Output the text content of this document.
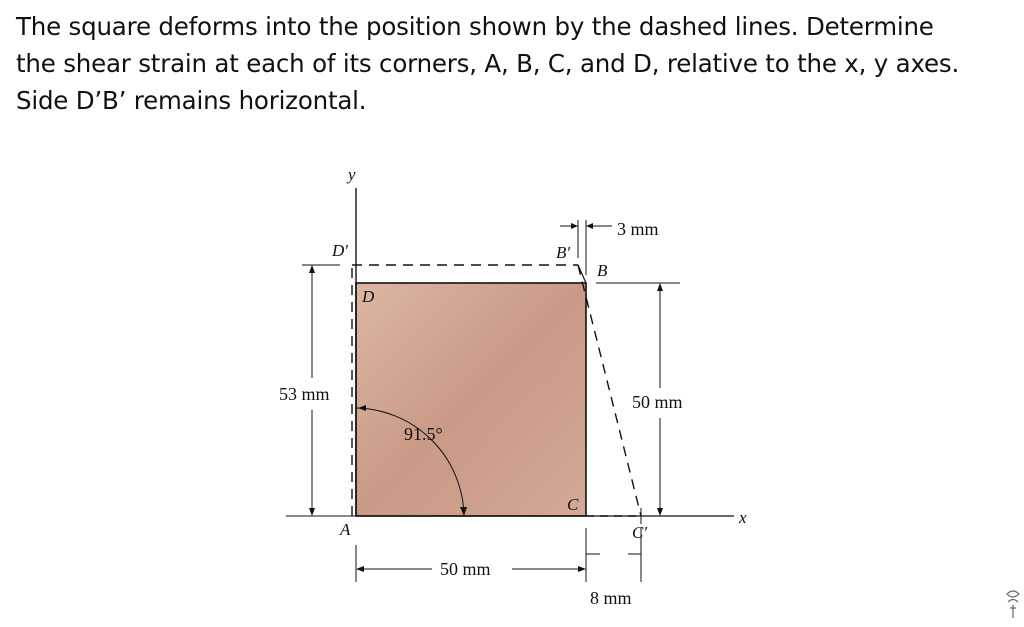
The square deforms into the position shown by the dashed lines. Determine
the shear strain at each of its corners, A, B, C, and D, relative to the x, y axes.
Side D’B’ remains horizontal.
y
x
D′
D
B′
B
A
C
C′
3 mm
53 mm	50 mm
91.5°
50 mm
8 mm
